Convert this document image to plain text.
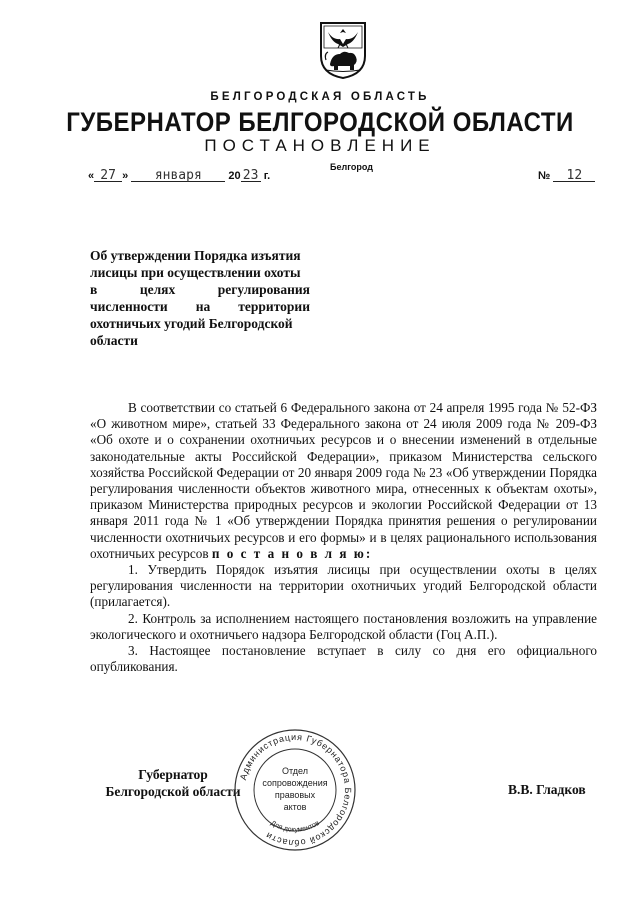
БЕЛГОРОДСКАЯ ОБЛАСТЬ
ГУБЕРНАТОР БЕЛГОРОДСКОЙ ОБЛАСТИ
ПОСТАНОВЛЕНИЕ
Белгород
« 27 » января 20 23 г.	№ 12
Об утверждении Порядка изъятия
лисицы при осуществлении охоты
в	целях	регулирования
численности на территории
охотничьих угодий Белгородской
области

В соответствии со статьей 6 Федерального закона от 24 апреля 1995 года № 52-ФЗ «О животном мире», статьей 33 Федерального закона от 24 июля 2009 года № 209-ФЗ «Об охоте и о сохранении охотничьих ресурсов и о внесении изменений в отдельные законодательные акты Российской Федерации», приказом Министерства сельского хозяйства Российской Федерации от 20 января 2009 года № 23 «Об утверждении Порядка регулирования численности объектов животного мира, отнесенных к объектам охоты», приказом Министерства природных ресурсов и экологии Российской Федерации от 13 января 2011 года № 1 «Об утверждении Порядка принятия решения о регулировании численности охотничьих ресурсов и его формы» и в целях рационального использования охотничьих ресурсов п о с т а н о в л я ю:

1. Утвердить Порядок изъятия лисицы при осуществлении охоты в целях регулирования численности на территории охотничьих угодий Белгородской области (прилагается).

2. Контроль за исполнением настоящего постановления возложить на управление экологического и охотничьего надзора Белгородской области (Гоц А.П.).

3. Настоящее постановление вступает в силу со дня его официального опубликования.

Губернатор
Белгородской области	В.В. Гладков
Администрация Губернатора Белгородской области
Для документов
Отдел
сопровождения
правовых
актов
